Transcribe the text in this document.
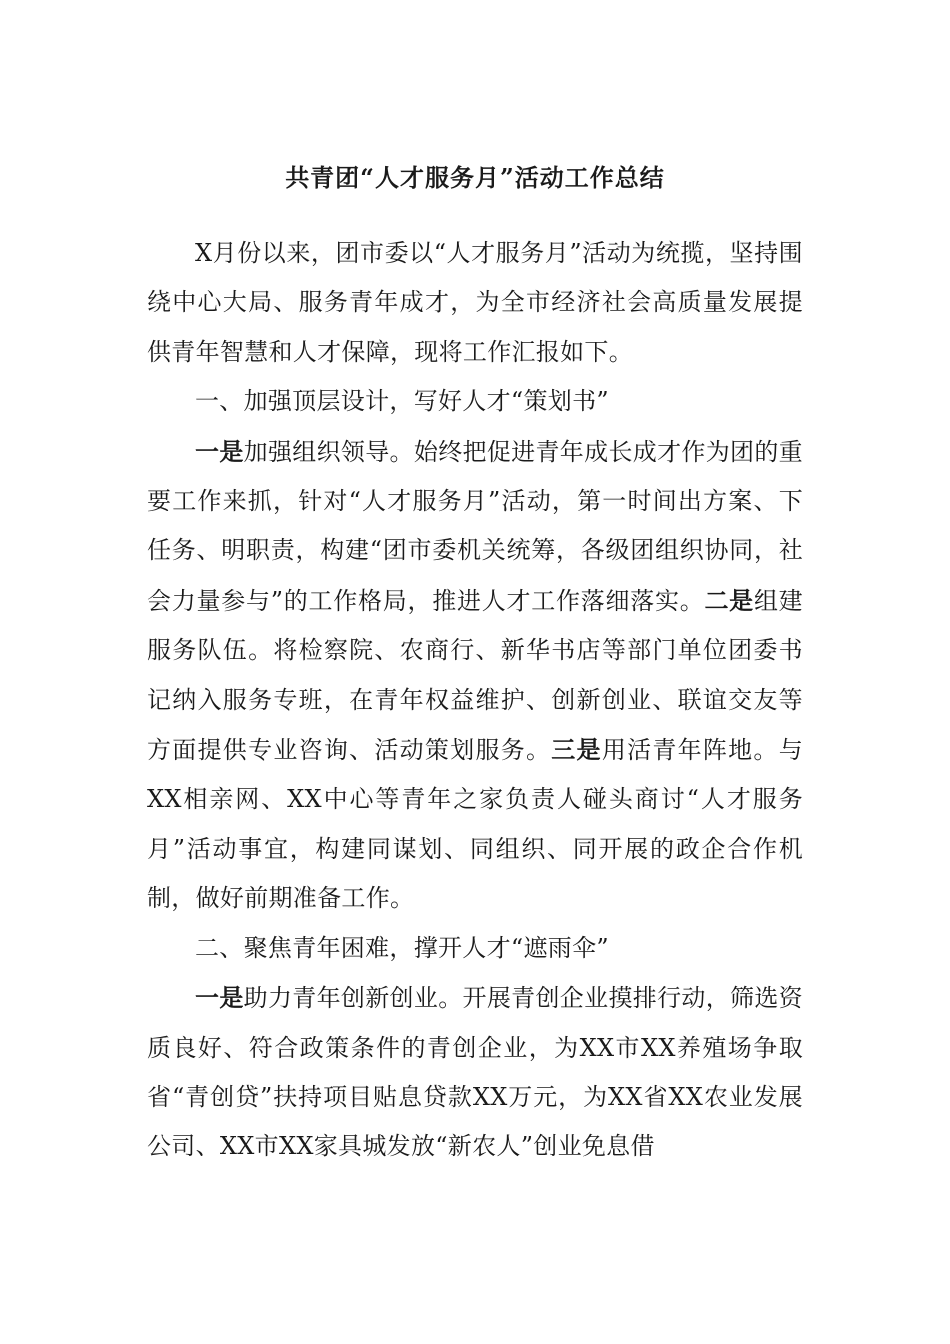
共青团“人才服务月”活动工作总结

X月份以来，团市委以“人才服务月”活动为统揽，坚持围绕中心大局、服务青年成才，为全市经济社会高质量发展提供青年智慧和人才保障，现将工作汇报如下。

一、加强顶层设计，写好人才“策划书”

一是加强组织领导。始终把促进青年成长成才作为团的重要工作来抓，针对“人才服务月”活动，第一时间出方案、下任务、明职责，构建“团市委机关统筹，各级团组织协同，社会力量参与”的工作格局，推进人才工作落细落实。二是组建服务队伍。将检察院、农商行、新华书店等部门单位团委书记纳入服务专班，在青年权益维护、创新创业、联谊交友等方面提供专业咨询、活动策划服务。三是用活青年阵地。与XX相亲网、XX中心等青年之家负责人碰头商讨“人才服务月”活动事宜，构建同谋划、同组织、同开展的政企合作机制，做好前期准备工作。

二、聚焦青年困难，撑开人才“遮雨伞”

一是助力青年创新创业。开展青创企业摸排行动，筛选资质良好、符合政策条件的青创企业，为XX市XX养殖场争取省“青创贷”扶持项目贴息贷款XX万元，为XX省XX农业发展公司、XX市XX家具城发放“新农人”创业免息借
